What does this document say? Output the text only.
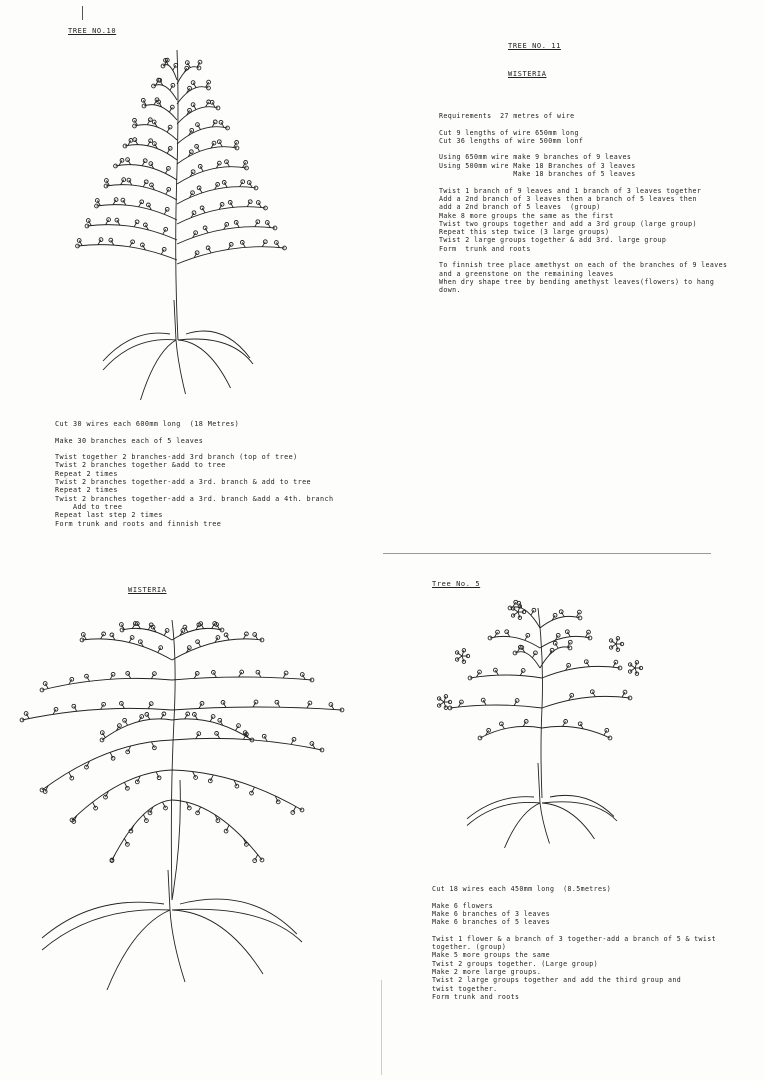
TREE NO.10
Cut 30 wires each 600mm long  (18 Metres)
Make 30 branches each of 5 leaves
Twist together 2 branches-add 3rd branch (top of tree)
Twist 2 branches together &add to tree
Repeat 2 times
Twist 2 branches together-add a 3rd. branch & add to tree
Repeat 2 times
Twist 2 branches together-add a 3rd. branch &add a 4th. branch
Add to tree
Repeat last step 2 times
Form trunk and roots and finnish tree
TREE NO. 11
WISTERIA
Requirements  27 metres of wire
Cut 9 lengths of wire 650mm long
Cut 36 lengths of wire 500mm lonf
Using 650mm wire make 9 branches of 9 leaves
Using 500mm wire Make 18 Branches of 3 leaves
Make 18 branches of 5 leaves
Twist 1 branch of 9 leaves and 1 branch of 3 leaves together
Add a 2nd branch of 3 leaves then a branch of 5 leaves then
add a 2nd branch of 5 leaves  (group)
Make 8 more groups the same as the first
Twist two groups together and add a 3rd group (large group)
Repeat this step twice (3 large groups)
Twist 2 large groups together & add 3rd. large group
Form  trunk and roots
To finnish tree place amethyst on each of the branches of 9 leaves
and a greenstone on the remaining leaves
When dry shape tree by bending amethyst leaves(flowers) to hang
down.
WISTERIA
Tree No. 5
Cut 18 wires each 450mm long  (8.5metres)
Make 6 flowers
Make 6 branches of 3 leaves
Make 6 branches of 5 leaves
Twist 1 flower & a branch of 3 together-add a branch of 5 & twist
together. (group)
Make 5 more groups the same
Twist 2 groups together. (Large group)
Make 2 more large groups.
Twist 2 large groups together and add the third group and
twist together.
Form trunk and roots
